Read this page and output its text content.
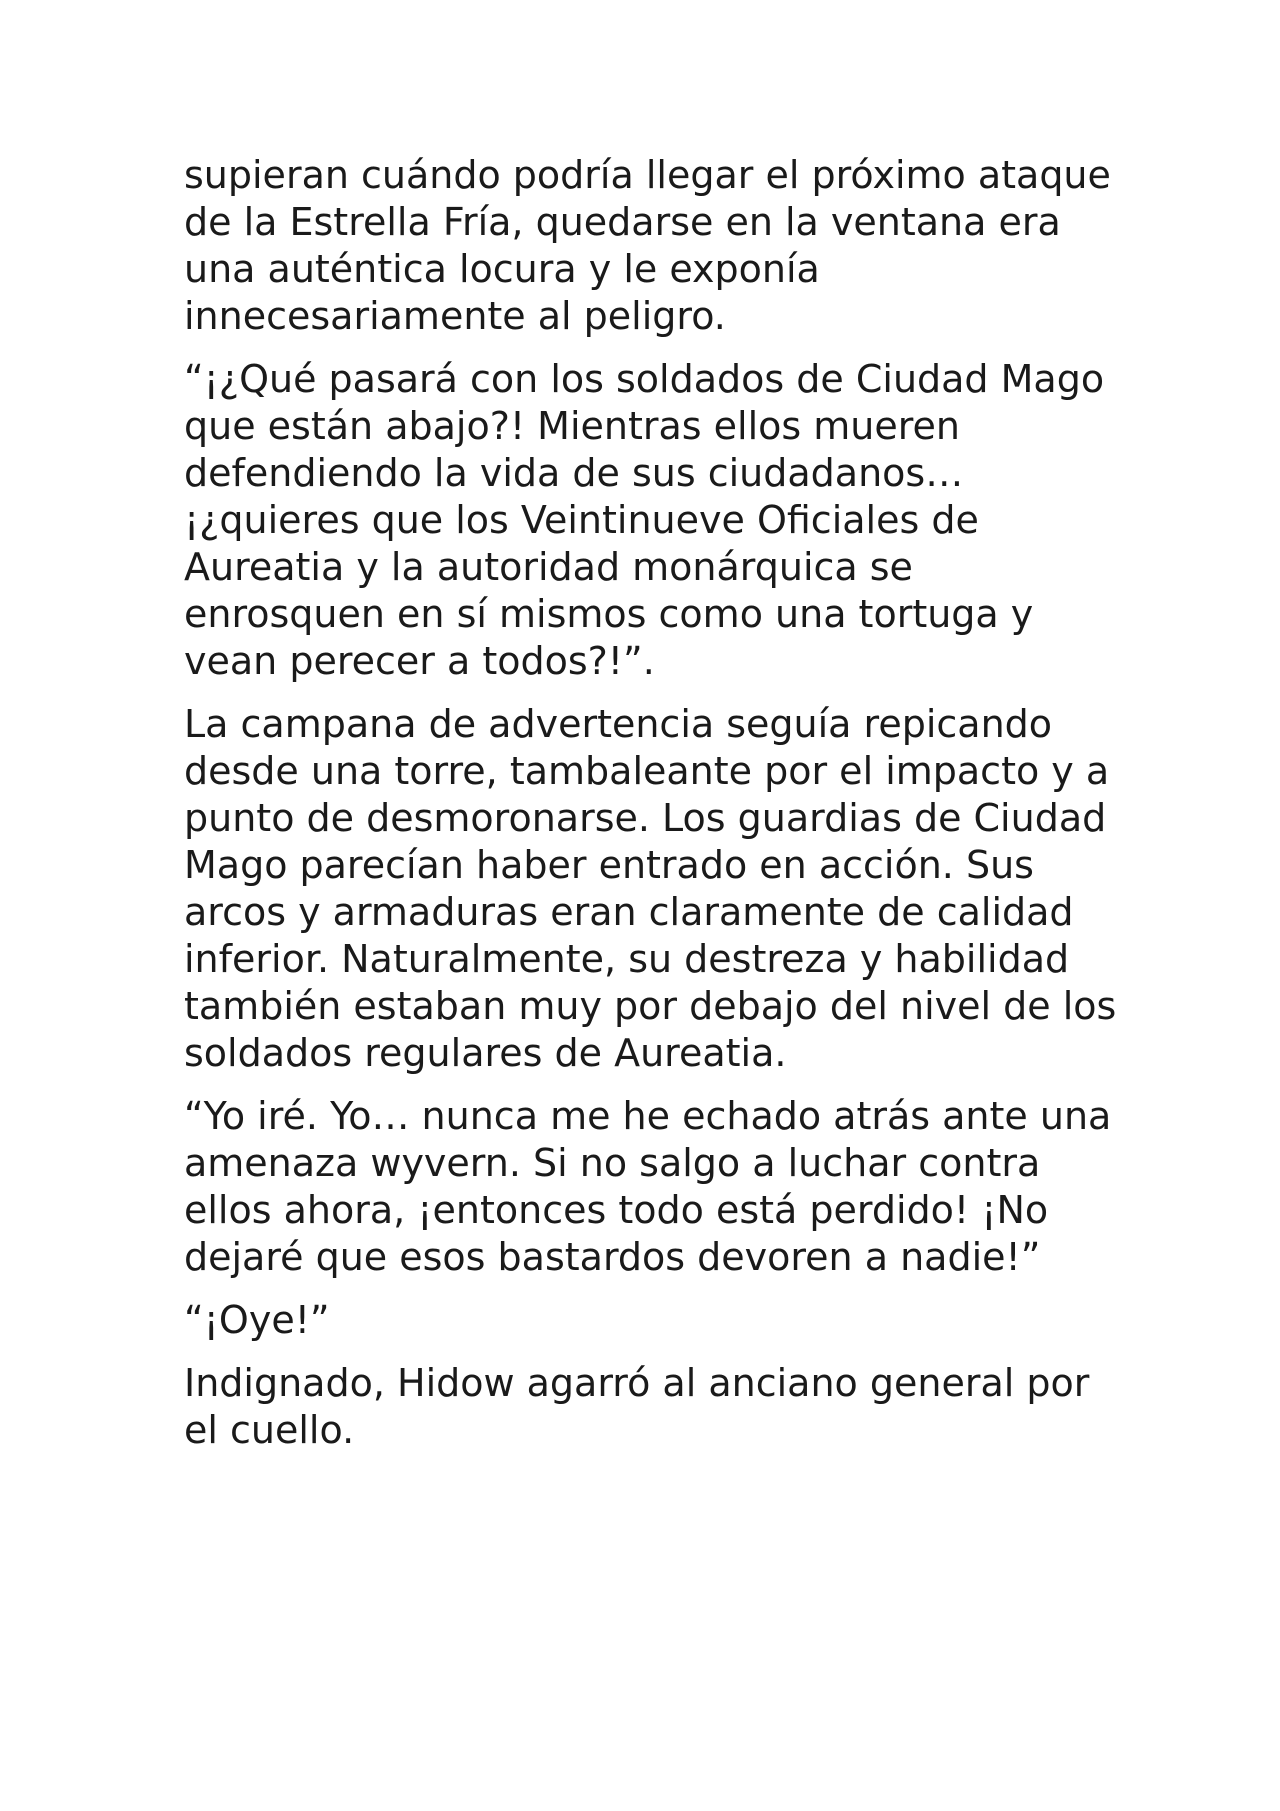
supieran cuándo podría llegar el próximo ataque de la Estrella Fría, quedarse en la ventana era una auténtica locura y le exponía innecesariamente al peligro.

“¡¿Qué pasará con los soldados de Ciudad Mago que están abajo?! Mientras ellos mueren defendiendo la vida de sus ciudadanos… ¡¿quieres que los Veintinueve Oficiales de Aureatia y la autoridad monárquica se enrosquen en sí mismos como una tortuga y vean perecer a todos?!”.

La campana de advertencia seguía repicando desde una torre, tambaleante por el impacto y a punto de desmoronarse. Los guardias de Ciudad Mago parecían haber entrado en acción. Sus arcos y armaduras eran claramente de calidad inferior. Naturalmente, su destreza y habilidad también estaban muy por debajo del nivel de los soldados regulares de Aureatia.

“Yo iré. Yo… nunca me he echado atrás ante una amenaza wyvern. Si no salgo a luchar contra ellos ahora, ¡entonces todo está perdido! ¡No dejaré que esos bastardos devoren a nadie!”

“¡Oye!”

Indignado, Hidow agarró al anciano general por el cuello.
